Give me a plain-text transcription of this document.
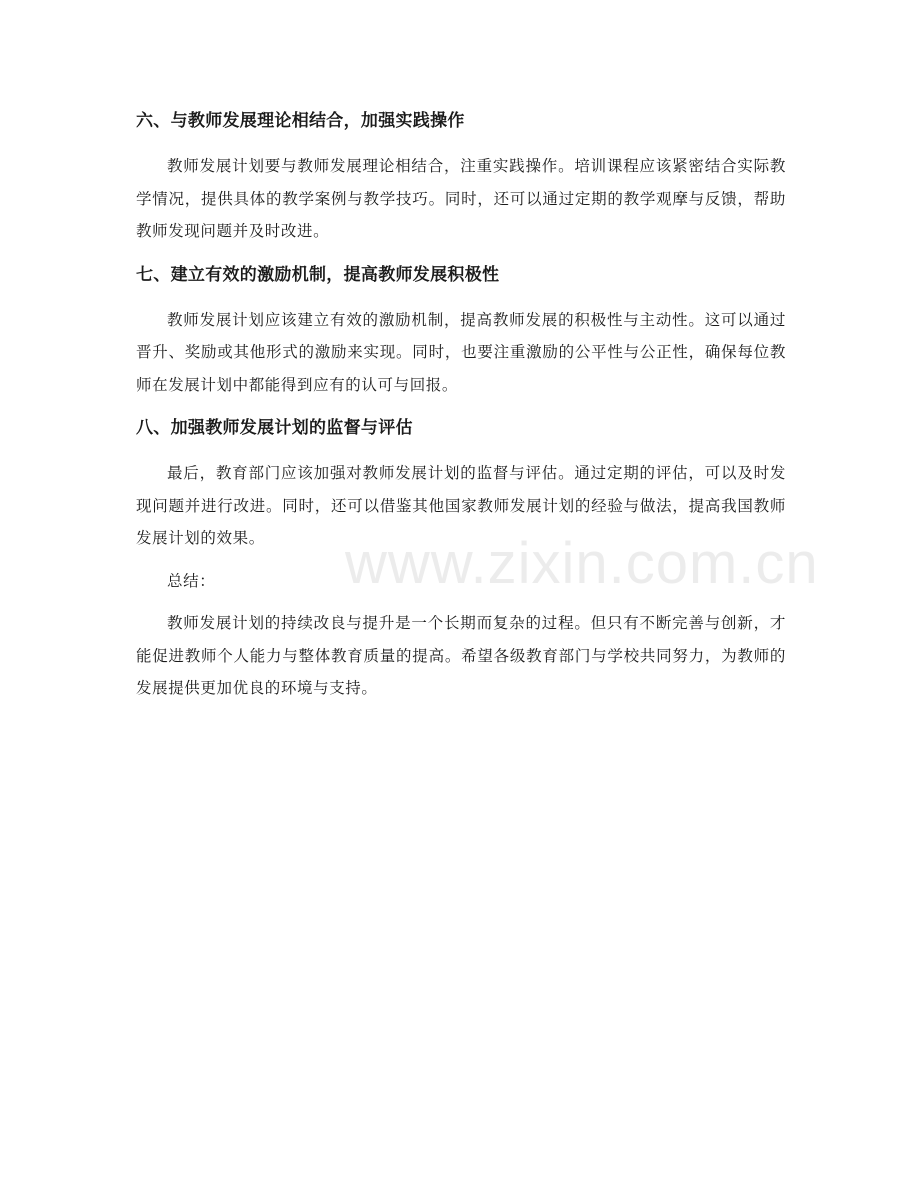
六、与教师发展理论相结合，加强实践操作

教师发展计划要与教师发展理论相结合，注重实践操作。培训课程应该紧密结合实际教学情况，提供具体的教学案例与教学技巧。同时，还可以通过定期的教学观摩与反馈，帮助教师发现问题并及时改进。

七、建立有效的激励机制，提高教师发展积极性

教师发展计划应该建立有效的激励机制，提高教师发展的积极性与主动性。这可以通过晋升、奖励或其他形式的激励来实现。同时，也要注重激励的公平性与公正性，确保每位教师在发展计划中都能得到应有的认可与回报。

八、加强教师发展计划的监督与评估

最后，教育部门应该加强对教师发展计划的监督与评估。通过定期的评估，可以及时发现问题并进行改进。同时，还可以借鉴其他国家教师发展计划的经验与做法，提高我国教师发展计划的效果。

总结：

教师发展计划的持续改良与提升是一个长期而复杂的过程。但只有不断完善与创新，才能促进教师个人能力与整体教育质量的提高。希望各级教育部门与学校共同努力，为教师的发展提供更加优良的环境与支持。

www.zixin.com.cn
